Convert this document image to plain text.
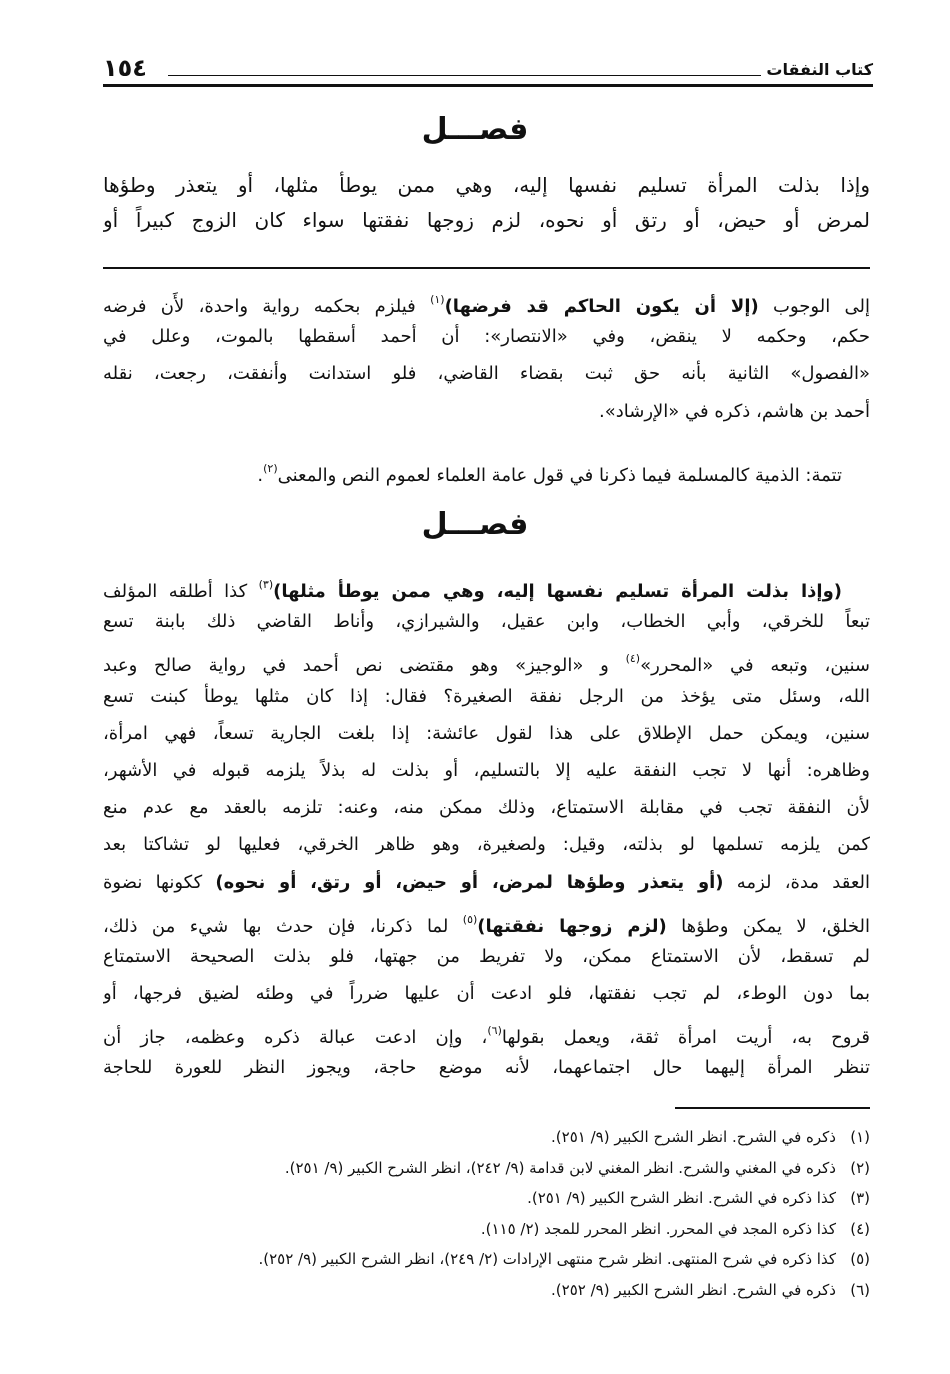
كتاب النفقات
١٥٤
فصـــل
وإذا بذلت المرأة تسليم نفسها إليه، وهي ممن يوطأ مثلها، أو يتعذر وطؤها
لمرض أو حيض، أو رتق أو نحوه، لزم زوجها نفقتها سواء كان الزوج كبيراً أو
إلى الوجوب (إلا أن يكون الحاكم قد فرضها)$^{(١)}$ فيلزم بحكمه رواية واحدة، لأَن فرضه
حكم، وحكمه لا ينقض، وفي «الانتصار»: أن أحمد أسقطها بالموت، وعلل في
«الفصول» الثانية بأنه حق ثبت بقضاء القاضي، فلو استدانت وأنفقت، رجعت، نقله
أحمد بن هاشم، ذكره في «الإرشاد».
تتمة: الذمية كالمسلمة فيما ذكرنا في قول عامة العلماء لعموم النص والمعنى$^{(٢)}$.
فصـــل
(وإذا بذلت المرأة تسليم نفسها إليه، وهي ممن يوطأ مثلها)$^{(٣)}$ كذا أطلقه المؤلف
تبعاً للخرقي، وأبي الخطاب، وابن عقيل، والشيرازي، وأناط القاضي ذلك بابنة تسع
سنين، وتبعه في «المحرر»$^{(٤)}$ و «الوجيز» وهو مقتضى نص أحمد في رواية صالح وعبد
الله، وسئل متى يؤخذ من الرجل نفقة الصغيرة؟ فقال: إذا كان مثلها يوطأ كبنت تسع
سنين، ويمكن حمل الإطلاق على هذا لقول عائشة: إذا بلغت الجارية تسعاً، فهي امرأة،
وظاهره: أنها لا تجب النفقة عليه إلا بالتسليم، أو بذلت له بذلاً يلزمه قبوله في الأشهر،
لأن النفقة تجب في مقابلة الاستمتاع، وذلك ممكن منه، وعنه: تلزمه بالعقد مع عدم منع
كمن يلزمه تسلمها لو بذلته، وقيل: ولصغيرة، وهو ظاهر الخرقي، فعليها لو تشاكتا بعد
العقد مدة، لزمه (أو يتعذر وطؤها لمرض، أو حيض، أو رتق، أو نحوه) ككونها نضوة
الخلق، لا يمكن وطؤها (لزم زوجها نفقتها)$^{(٥)}$ لما ذكرنا، فإن حدث بها شيء من ذلك،
لم تسقط، لأن الاستمتاع ممكن، ولا تفريط من جهتها، فلو بذلت الصحيحة الاستمتاع
بما دون الوطء، لم تجب نفقتها، فلو ادعت أن عليها ضرراً في وطئه لضيق فرجها، أو
قروح به، أريت امرأة ثقة، ويعمل بقولها$^{(٦)}$، وإن ادعت عبالة ذكره وعظمه، جاز أن
تنظر المرأة إليهما حال اجتماعهما، لأنه موضع حاجة، ويجوز النظر للعورة للحاجة
(١)ذكره في الشرح. انظر الشرح الكبير (٩/ ٢٥١).
(٢)ذكره في المغني والشرح. انظر المغني لابن قدامة (٩/ ٢٤٢)، انظر الشرح الكبير (٩/ ٢٥١).
(٣)كذا ذكره في الشرح. انظر الشرح الكبير (٩/ ٢٥١).
(٤)كذا ذكره المجد في المحرر. انظر المحرر للمجد (٢/ ١١٥).
(٥)كذا ذكره في شرح المنتهى. انظر شرح منتهى الإرادات (٢/ ٢٤٩)، انظر الشرح الكبير (٩/ ٢٥٢).
(٦)ذكره في الشرح. انظر الشرح الكبير (٩/ ٢٥٢).
